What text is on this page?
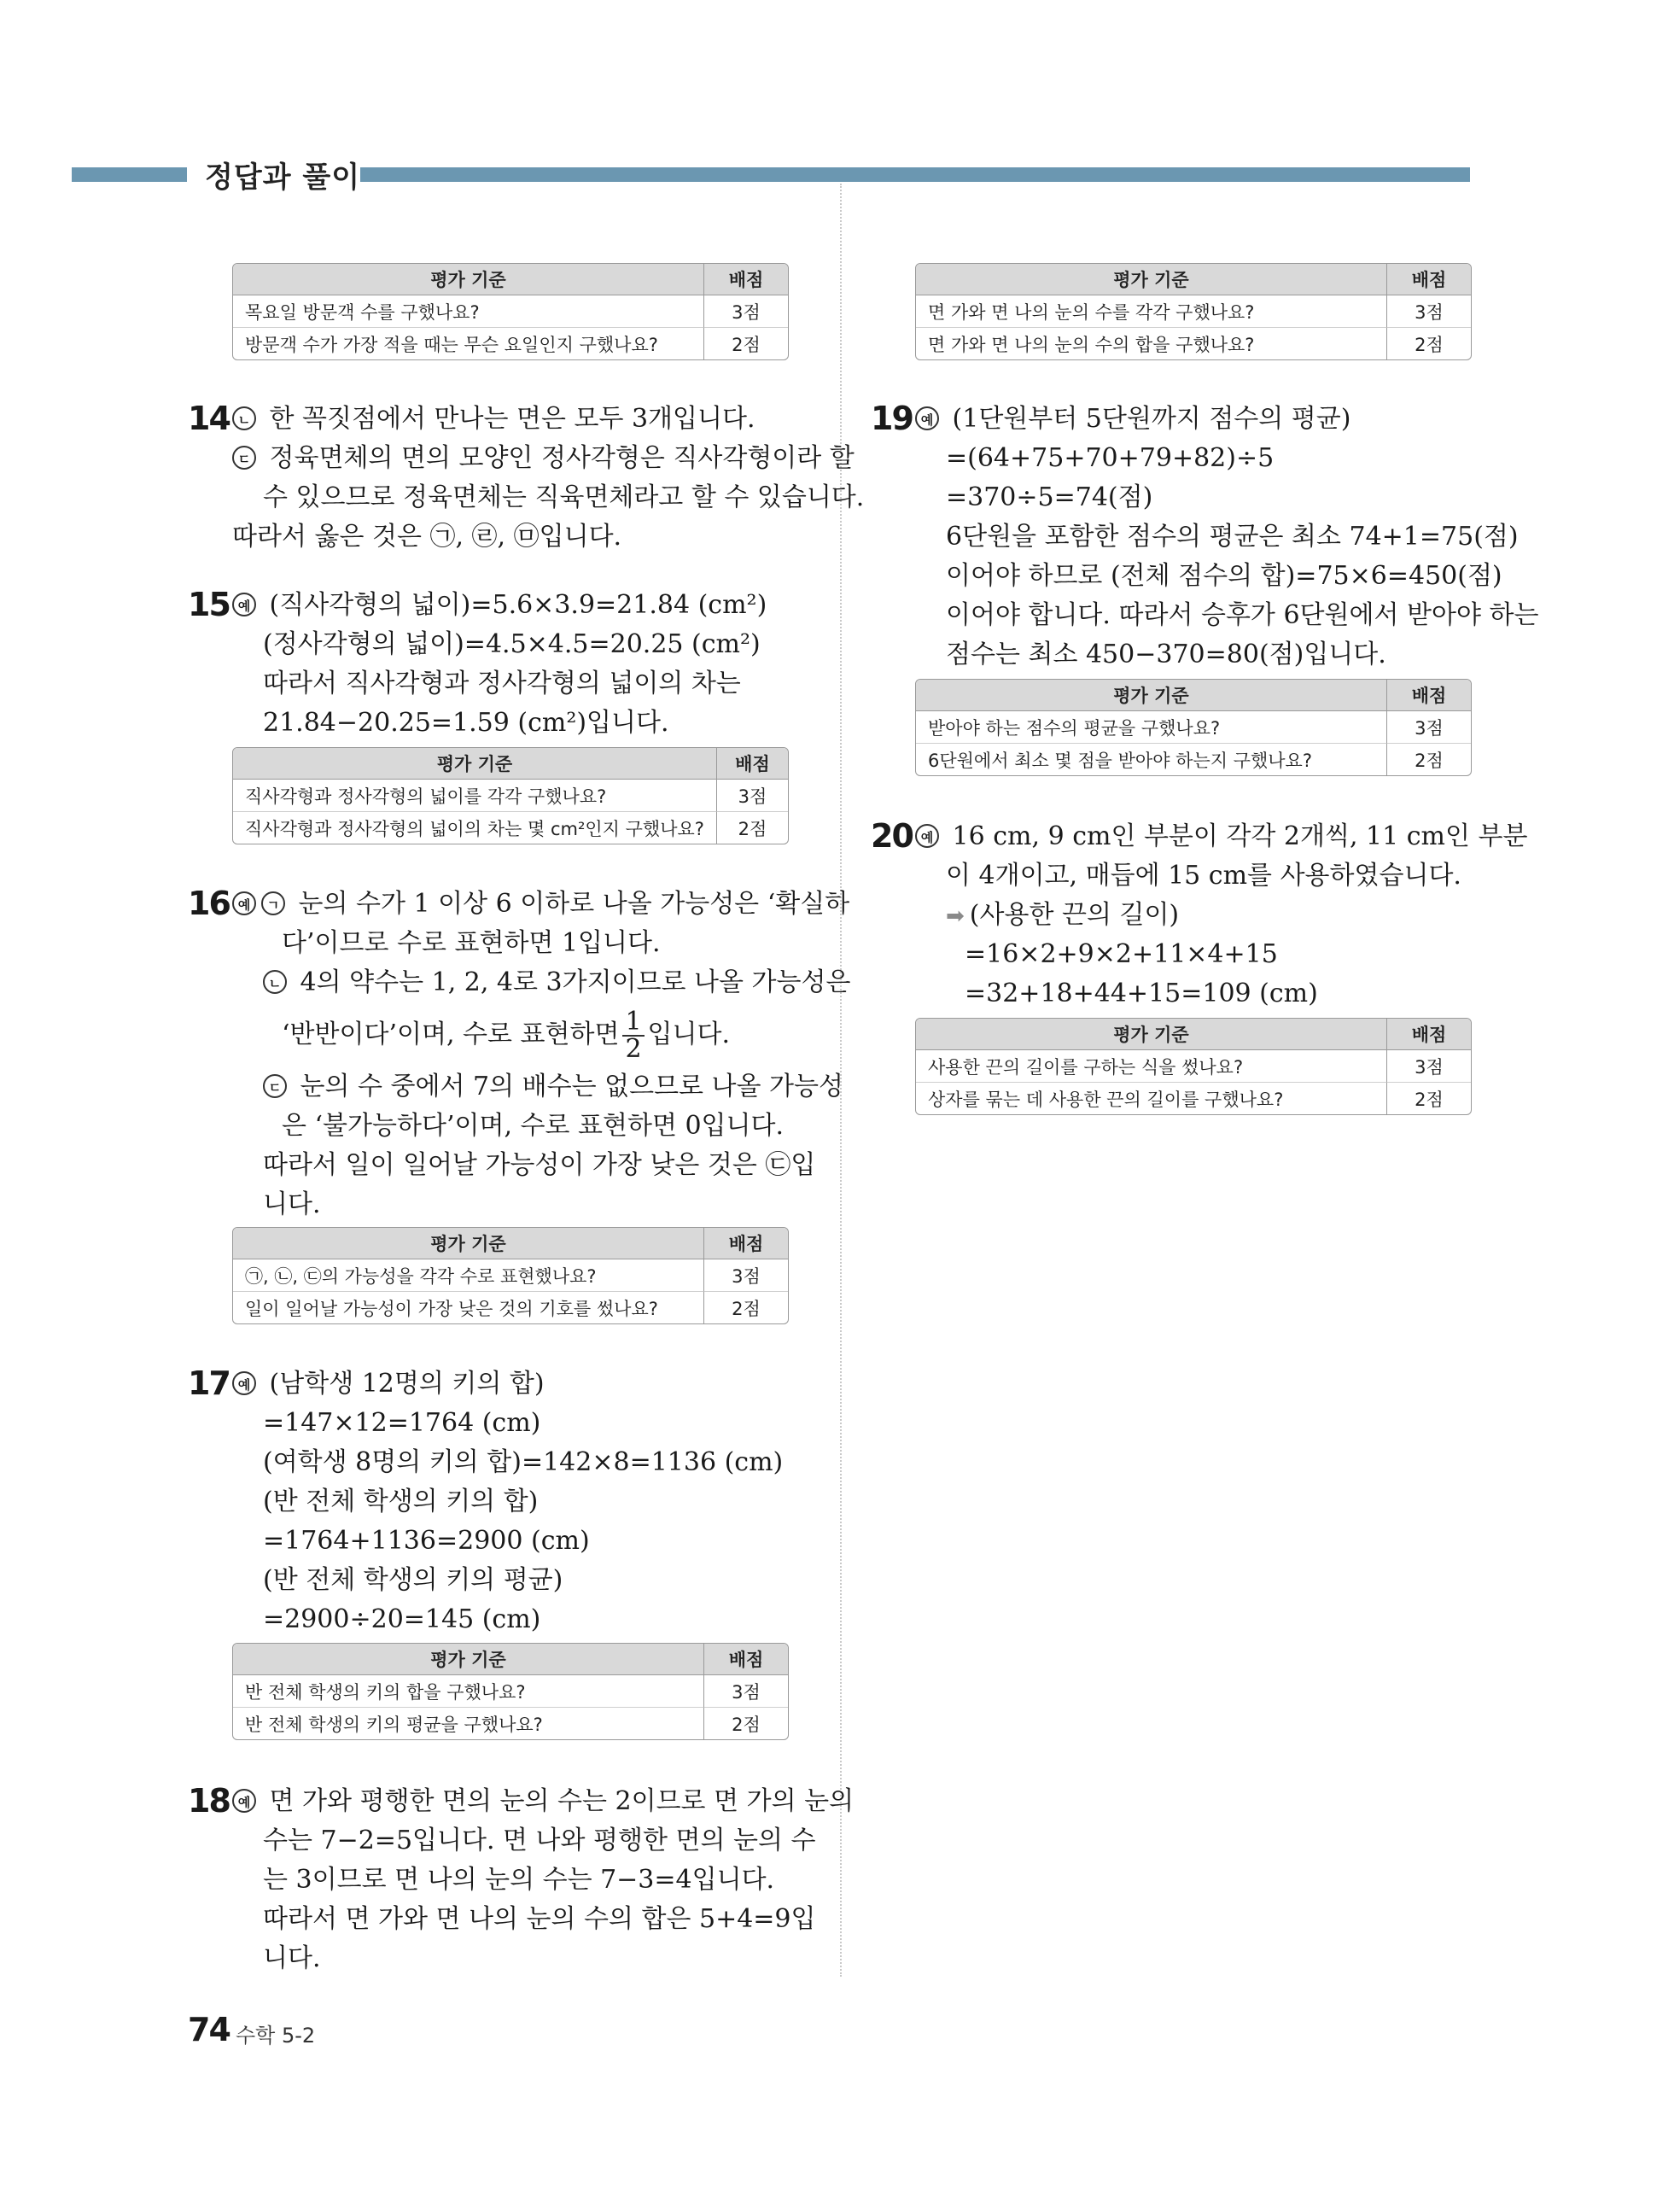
정답과 풀이
평가 기준	배점
목요일 방문객 수를 구했나요?	3점
방문객 수가 가장 적을 때는 무슨 요일인지 구했나요?	2점
14 ㄴ 한 꼭짓점에서 만나는 면은 모두 3개입니다.
ㄷ 정육면체의 면의 모양인 정사각형은 직사각형이라 할
수 있으므로 정육면체는 직육면체라고 할 수 있습니다.
따라서 옳은 것은 ㉠, ㉣, ㉤입니다.
15 예 (직사각형의 넓이)=5.6×3.9=21.84 (cm²)
(정사각형의 넓이)=4.5×4.5=20.25 (cm²)
따라서 직사각형과 정사각형의 넓이의 차는
21.84−20.25=1.59 (cm²)입니다.
평가 기준	배점
직사각형과 정사각형의 넓이를 각각 구했나요?	3점
직사각형과 정사각형의 넓이의 차는 몇 cm²인지 구했나요?	2점
16 예 ㄱ 눈의 수가 1 이상 6 이하로 나올 가능성은 ‘확실하
다’이므로 수로 표현하면 1입니다.
ㄴ 4의 약수는 1, 2, 4로 3가지이므로 나올 가능성은
‘반반이다’이며, 수로 표현하면 $\frac{1}{2}$ 입니다.
ㄷ 눈의 수 중에서 7의 배수는 없으므로 나올 가능성
은 ‘불가능하다’이며, 수로 표현하면 0입니다.
따라서 일이 일어날 가능성이 가장 낮은 것은 ㉢입
니다.
평가 기준	배점
㉠, ㉡, ㉢의 가능성을 각각 수로 표현했나요?	3점
일이 일어날 가능성이 가장 낮은 것의 기호를 썼나요?	2점
17 예 (남학생 12명의 키의 합)
=147×12=1764 (cm)
(여학생 8명의 키의 합)=142×8=1136 (cm)
(반 전체 학생의 키의 합)
=1764+1136=2900 (cm)
(반 전체 학생의 키의 평균)
=2900÷20=145 (cm)
평가 기준	배점
반 전체 학생의 키의 합을 구했나요?	3점
반 전체 학생의 키의 평균을 구했나요?	2점
18 예 면 가와 평행한 면의 눈의 수는 2이므로 면 가의 눈의
수는 7−2=5입니다. 면 나와 평행한 면의 눈의 수
는 3이므로 면 나의 눈의 수는 7−3=4입니다.
따라서 면 가와 면 나의 눈의 수의 합은 5+4=9입
니다.
평가 기준	배점
면 가와 면 나의 눈의 수를 각각 구했나요?	3점
면 가와 면 나의 눈의 수의 합을 구했나요?	2점
19 예 (1단원부터 5단원까지 점수의 평균)
=(64+75+70+79+82)÷5
=370÷5=74(점)
6단원을 포함한 점수의 평균은 최소 74+1=75(점)
이어야 하므로 (전체 점수의 합)=75×6=450(점)
이어야 합니다. 따라서 승후가 6단원에서 받아야 하는
점수는 최소 450−370=80(점)입니다.
평가 기준	배점
받아야 하는 점수의 평균을 구했나요?	3점
6단원에서 최소 몇 점을 받아야 하는지 구했나요?	2점
20 예 16 cm, 9 cm인 부분이 각각 2개씩, 11 cm인 부분
이 4개이고, 매듭에 15 cm를 사용하였습니다.
➡ (사용한 끈의 길이)
=16×2+9×2+11×4+15
=32+18+44+15=109 (cm)
평가 기준	배점
사용한 끈의 길이를 구하는 식을 썼나요?	3점
상자를 묶는 데 사용한 끈의 길이를 구했나요?	2점
74 수학 5-2
